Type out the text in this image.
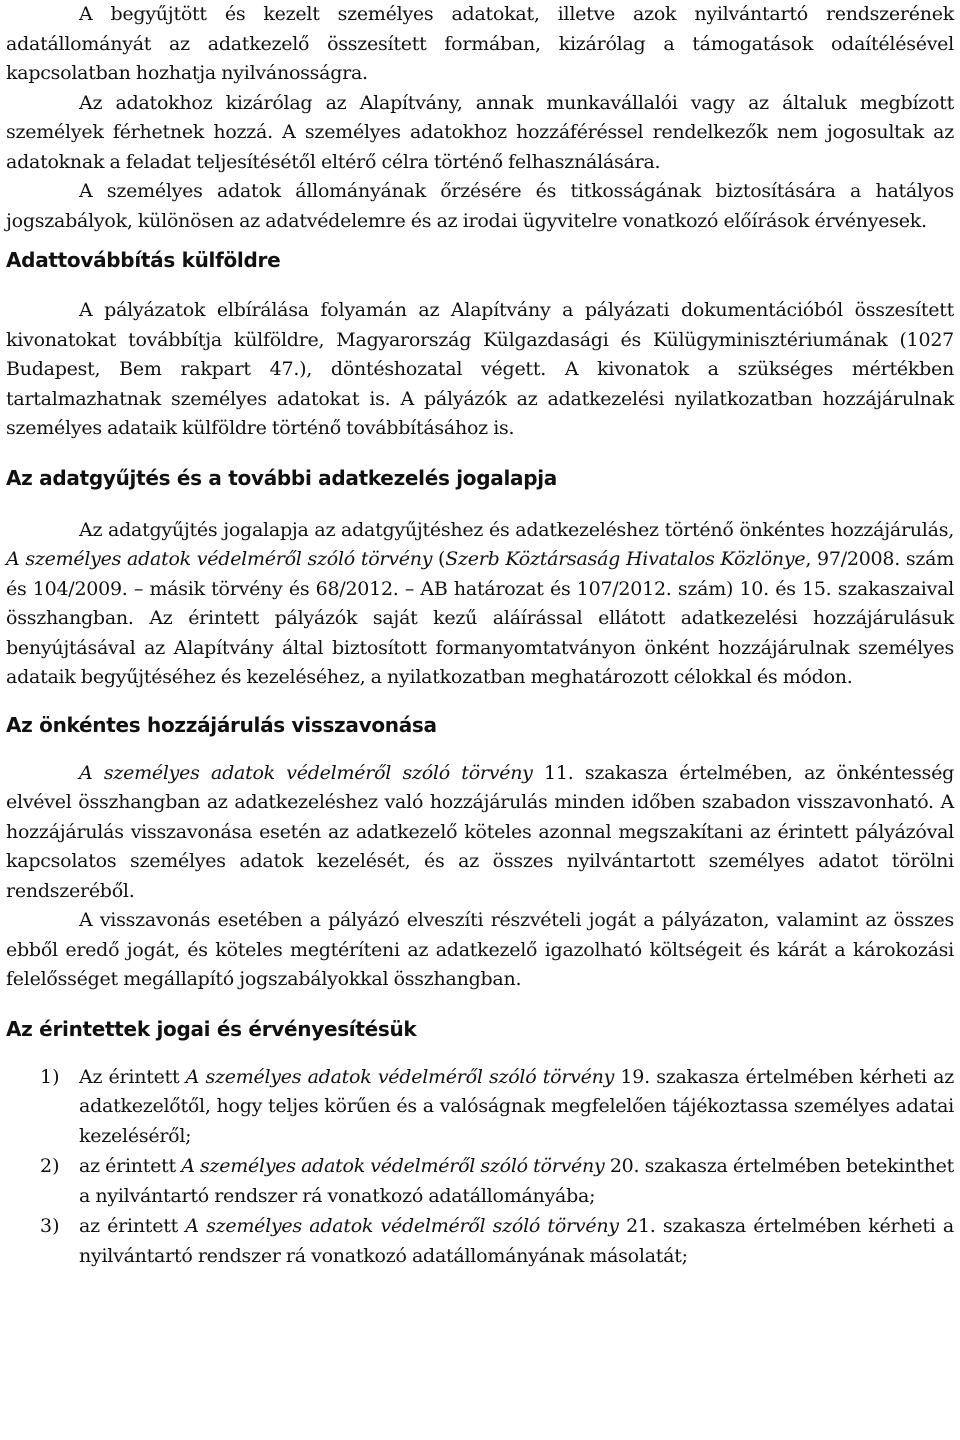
A begyűjtött és kezelt személyes adatokat, illetve azok nyilvántartó rendszerének adatállományát az adatkezelő összesített formában, kizárólag a támogatások odaítélésével kapcsolatban hozhatja nyilvánosságra.

Az adatokhoz kizárólag az Alapítvány, annak munkavállalói vagy az általuk megbízott személyek férhetnek hozzá. A személyes adatokhoz hozzáféréssel rendelkezők nem jogosultak az adatoknak a feladat teljesítésétől eltérő célra történő felhasználására.

A személyes adatok állományának őrzésére és titkosságának biztosítására a hatályos jogszabályok, különösen az adatvédelemre és az irodai ügyvitelre vonatkozó előírások érvényesek.

Adattovábbítás külföldre

A pályázatok elbírálása folyamán az Alapítvány a pályázati dokumentációból összesített kivonatokat továbbítja külföldre, Magyarország Külgazdasági és Külügyminisztériumának (1027 Budapest, Bem rakpart 47.), döntéshozatal végett. A kivonatok a szükséges mértékben tartalmazhatnak személyes adatokat is. A pályázók az adatkezelési nyilatkozatban hozzájárulnak személyes adataik külföldre történő továbbításához is.

Az adatgyűjtés és a további adatkezelés jogalapja

Az adatgyűjtés jogalapja az adatgyűjtéshez és adatkezeléshez történő önkéntes hozzájárulás, A személyes adatok védelméről szóló törvény (Szerb Köztársaság Hivatalos Közlönye, 97/2008. szám és 104/2009. – másik törvény és 68/2012. – AB határozat és 107/2012. szám) 10. és 15. szakaszaival összhangban. Az érintett pályázók saját kezű aláírással ellátott adatkezelési hozzájárulásuk benyújtásával az Alapítvány által biztosított formanyomtatványon önként hozzájárulnak személyes adataik begyűjtéséhez és kezeléséhez, a nyilatkozatban meghatározott célokkal és módon.

Az önkéntes hozzájárulás visszavonása

A személyes adatok védelméről szóló törvény 11. szakasza értelmében, az önkéntesség elvével összhangban az adatkezeléshez való hozzájárulás minden időben szabadon visszavonható. A hozzájárulás visszavonása esetén az adatkezelő köteles azonnal megszakítani az érintett pályázóval kapcsolatos személyes adatok kezelését, és az összes nyilvántartott személyes adatot törölni rendszeréből.

A visszavonás esetében a pályázó elveszíti részvételi jogát a pályázaton, valamint az összes ebből eredő jogát, és köteles megtéríteni az adatkezelő igazolható költségeit és kárát a károkozási felelősséget megállapító jogszabályokkal összhangban.

Az érintettek jogai és érvényesítésük
1) Az érintett A személyes adatok védelméről szóló törvény 19. szakasza értelmében kérheti az adatkezelőtől, hogy teljes körűen és a valóságnak megfelelően tájékoztassa személyes adatai kezeléséről;

2) az érintett A személyes adatok védelméről szóló törvény 20. szakasza értelmében betekinthet a nyilvántartó rendszer rá vonatkozó adatállományába;

3) az érintett A személyes adatok védelméről szóló törvény 21. szakasza értelmében kérheti a nyilvántartó rendszer rá vonatkozó adatállományának másolatát;
